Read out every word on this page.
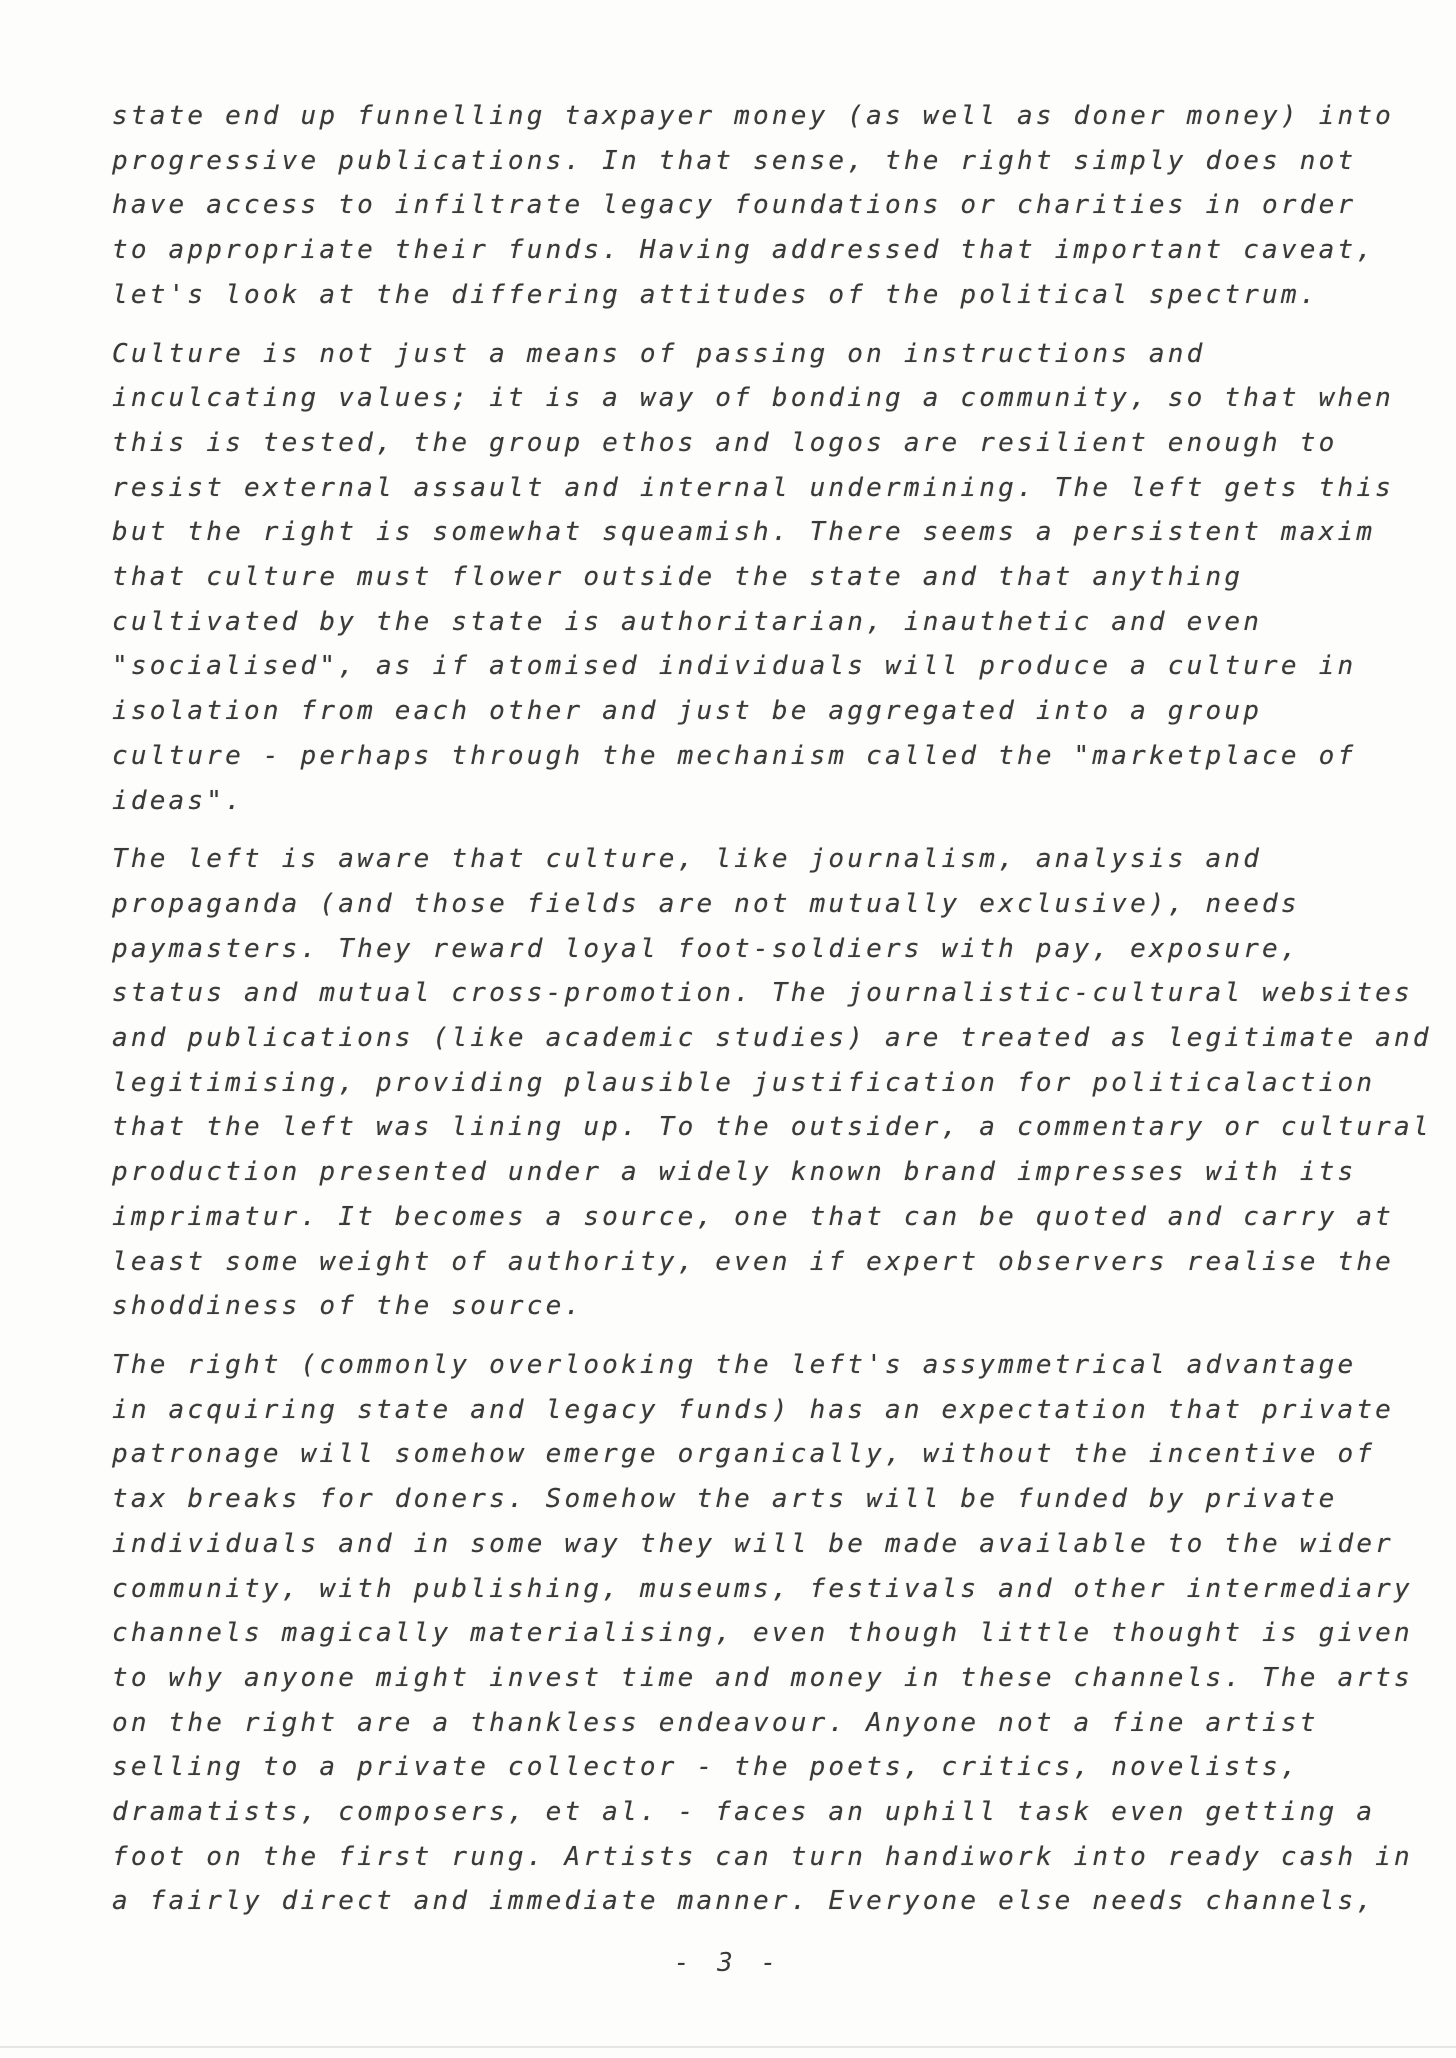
state end up funnelling taxpayer money (as well as doner money) into
progressive publications. In that sense, the right simply does not
have access to infiltrate legacy foundations or charities in order
to appropriate their funds. Having addressed that important caveat,
let's look at the differing attitudes of the political spectrum.
Culture is not just a means of passing on instructions and
inculcating values; it is a way of bonding a community, so that when
this is tested, the group ethos and logos are resilient enough to
resist external assault and internal undermining. The left gets this
but the right is somewhat squeamish. There seems a persistent maxim
that culture must flower outside the state and that anything
cultivated by the state is authoritarian, inauthetic and even
"socialised", as if atomised individuals will produce a culture in
isolation from each other and just be aggregated into a group
culture - perhaps through the mechanism called the "marketplace of
ideas".
The left is aware that culture, like journalism, analysis and
propaganda (and those fields are not mutually exclusive), needs
paymasters. They reward loyal foot-soldiers with pay, exposure,
status and mutual cross-promotion. The journalistic-cultural websites
and publications (like academic studies) are treated as legitimate and
legitimising, providing plausible justification for politicalaction
that the left was lining up. To the outsider, a commentary or cultural
production presented under a widely known brand impresses with its
imprimatur. It becomes a source, one that can be quoted and carry at
least some weight of authority, even if expert observers realise the
shoddiness of the source.
The right (commonly overlooking the left's assymmetrical advantage
in acquiring state and legacy funds) has an expectation that private
patronage will somehow emerge organically, without the incentive of
tax breaks for doners. Somehow the arts will be funded by private
individuals and in some way they will be made available to the wider
community, with publishing, museums, festivals and other intermediary
channels magically materialising, even though little thought is given
to why anyone might invest time and money in these channels. The arts
on the right are a thankless endeavour. Anyone not a fine artist
selling to a private collector - the poets, critics, novelists,
dramatists, composers, et al. - faces an uphill task even getting a
foot on the first rung. Artists can turn handiwork into ready cash in
a fairly direct and immediate manner. Everyone else needs channels,
- 3 -
